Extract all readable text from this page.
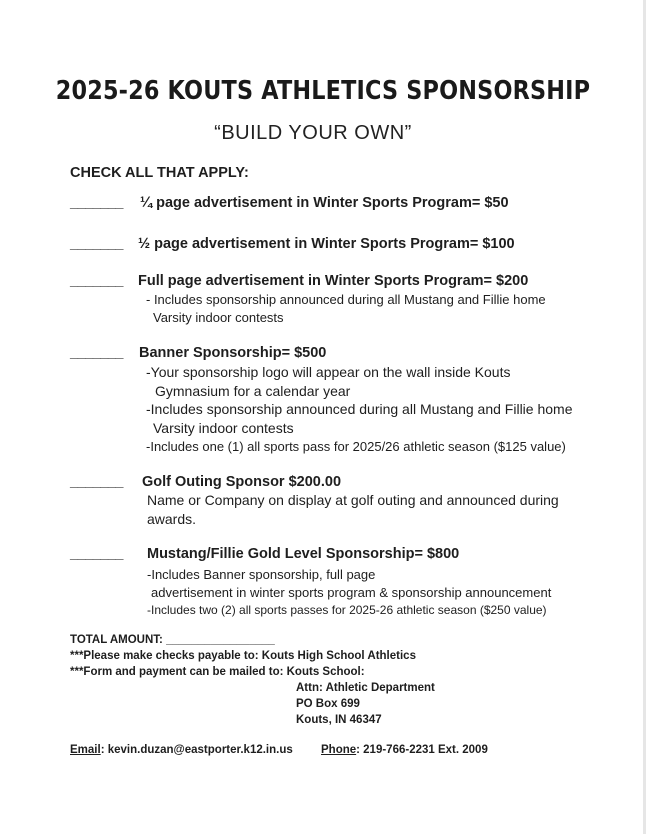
2025-26 KOUTS ATHLETICS SPONSORSHIP
“BUILD YOUR OWN”
CHECK ALL THAT APPLY:
_______ ¼ page advertisement in Winter Sports Program= $50
_______ ½ page advertisement in Winter Sports Program= $100
_______ Full page advertisement in Winter Sports Program= $200
- Includes sponsorship announced during all Mustang and Fillie home
Varsity indoor contests
_______ Banner Sponsorship= $500
-Your sponsorship logo will appear on the wall inside Kouts
Gymnasium for a calendar year
-Includes sponsorship announced during all Mustang and Fillie home
Varsity indoor contests
-Includes one (1) all sports pass for 2025/26 athletic season ($125 value)
_______ Golf Outing Sponsor $200.00
Name or Company on display at golf outing and announced during
awards.
_______ Mustang/Fillie Gold Level Sponsorship= $800
-Includes Banner sponsorship, full page
advertisement in winter sports program & sponsorship announcement
-Includes two (2) all sports passes for 2025-26 athletic season ($250 value)
TOTAL AMOUNT: _________________
***Please make checks payable to: Kouts High School Athletics
***Form and payment can be mailed to: Kouts School:
Attn: Athletic Department
PO Box 699
Kouts, IN 46347
Email: kevin.duzan@eastporter.k12.in.us Phone: 219-766-2231 Ext. 2009
